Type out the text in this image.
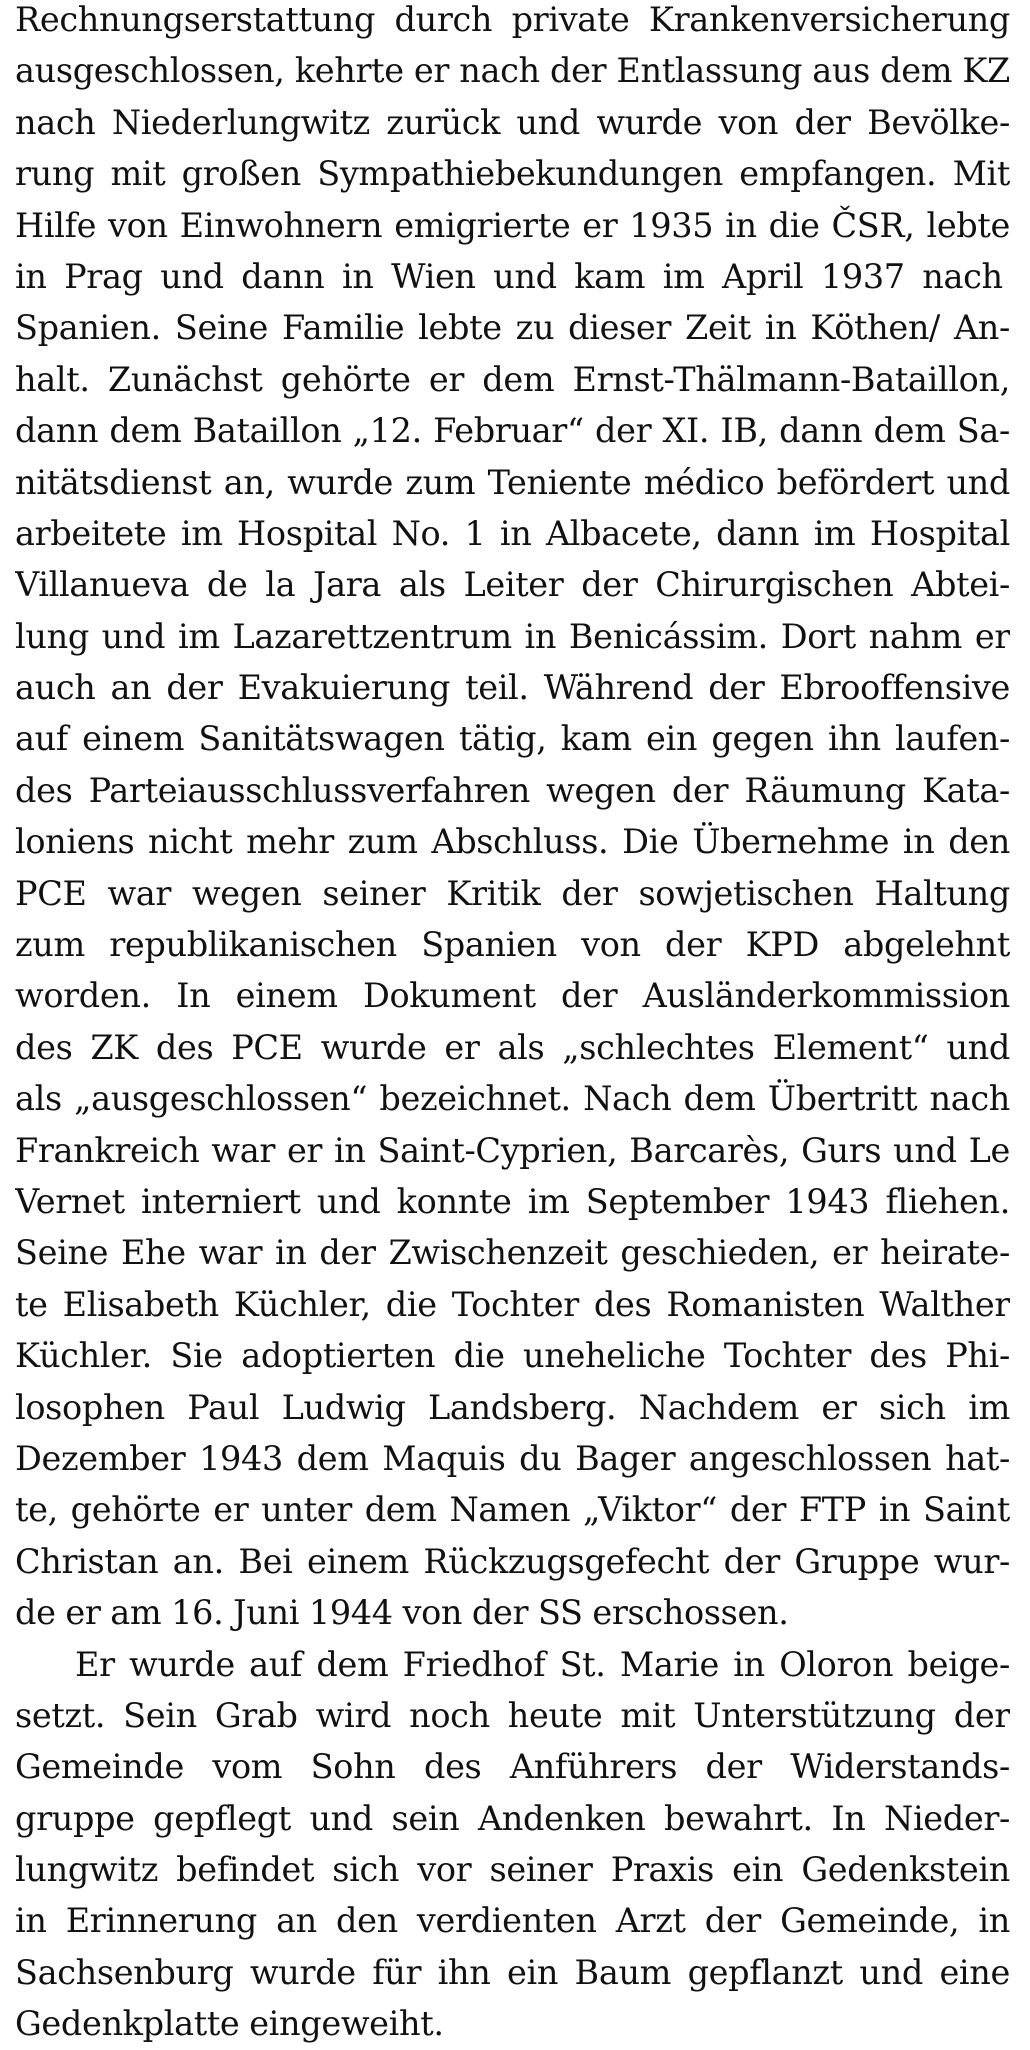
Rechnungserstattung durch private Krankenversicherung
ausgeschlossen, kehrte er nach der Entlassung aus dem KZ
nach Niederlungwitz zurück und wurde von der Bevölke-
rung mit großen Sympathiebekundungen empfangen. Mit
Hilfe von Einwohnern emigrierte er 1935 in die ČSR, lebte
in Prag und dann in Wien und kam im April 1937 nach
Spanien. Seine Familie lebte zu dieser Zeit in Köthen/ An-
halt. Zunächst gehörte er dem Ernst-Thälmann-Bataillon,
dann dem Bataillon „12. Februar“ der XI. IB, dann dem Sa-
nitätsdienst an, wurde zum Teniente médico befördert und
arbeitete im Hospital No. 1 in Albacete, dann im Hospital
Villanueva de la Jara als Leiter der Chirurgischen Abtei-
lung und im Lazarettzentrum in Benicássim. Dort nahm er
auch an der Evakuierung teil. Während der Ebrooffensive
auf einem Sanitätswagen tätig, kam ein gegen ihn laufen-
des Parteiausschlussverfahren wegen der Räumung Kata-
loniens nicht mehr zum Abschluss. Die Übernehme in den
PCE war wegen seiner Kritik der sowjetischen Haltung
zum republikanischen Spanien von der KPD abgelehnt
worden. In einem Dokument der Ausländerkommission
des ZK des PCE wurde er als „schlechtes Element“ und
als „ausgeschlossen“ bezeichnet. Nach dem Übertritt nach
Frankreich war er in Saint-Cyprien, Barcarès, Gurs und Le
Vernet interniert und konnte im September 1943 fliehen.
Seine Ehe war in der Zwischenzeit geschieden, er heirate-
te Elisabeth Küchler, die Tochter des Romanisten Walther
Küchler. Sie adoptierten die uneheliche Tochter des Phi-
losophen Paul Ludwig Landsberg. Nachdem er sich im
Dezember 1943 dem Maquis du Bager angeschlossen hat-
te, gehörte er unter dem Namen „Viktor“ der FTP in Saint
Christan an. Bei einem Rückzugsgefecht der Gruppe wur-
de er am 16. Juni 1944 von der SS erschossen.
Er wurde auf dem Friedhof St. Marie in Oloron beige-
setzt. Sein Grab wird noch heute mit Unterstützung der
Gemeinde vom Sohn des Anführers der Widerstands-
gruppe gepflegt und sein Andenken bewahrt. In Nieder-
lungwitz befindet sich vor seiner Praxis ein Gedenkstein
in Erinnerung an den verdienten Arzt der Gemeinde, in
Sachsenburg wurde für ihn ein Baum gepflanzt und eine
Gedenkplatte eingeweiht.
